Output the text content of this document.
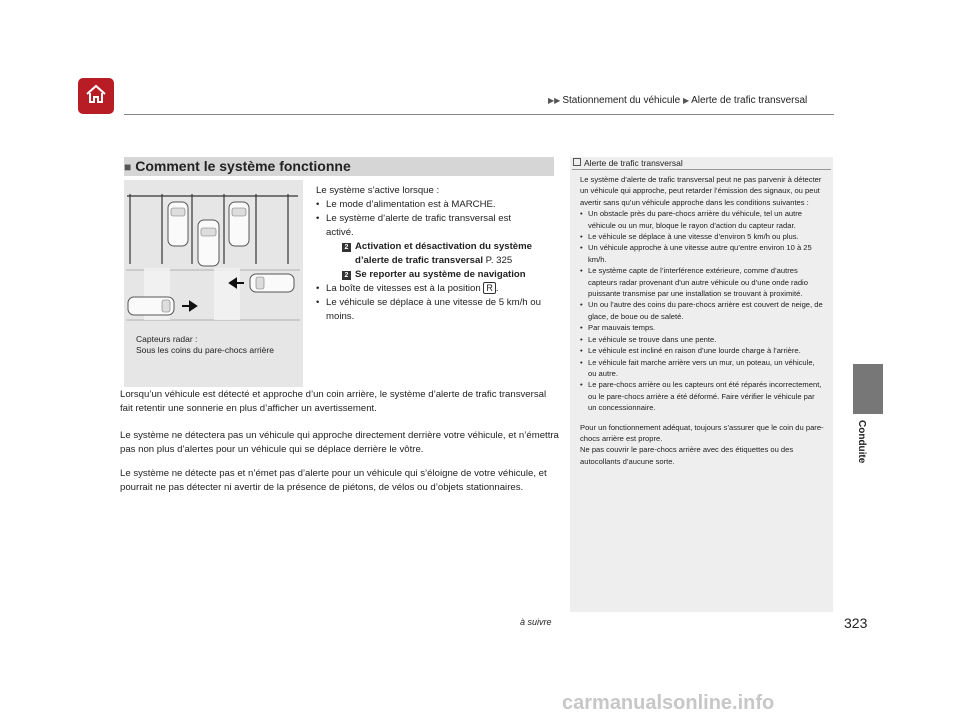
▶▶ Stationnement du véhicule ▶ Alerte de trafic transversal
Conduite
■ Comment le système fonctionne
Capteurs radar :
Sous les coins du pare-chocs arrière
Le système s’active lorsque :
• Le mode d’alimentation est à MARCHE.
• Le système d’alerte de trafic transversal est
activé.
2 Activation et désactivation du système
d’alerte de trafic transversal P. 325
2 Se reporter au système de navigation
• La boîte de vitesses est à la position R .
• Le véhicule se déplace à une vitesse de 5 km/h ou
moins.
Lorsqu’un véhicule est détecté et approche d’un coin arrière, le système d’alerte de trafic transversal fait retentir une sonnerie en plus d’afficher un avertissement.
Le système ne détectera pas un véhicule qui approche directement derrière votre véhicule, et n’émettra pas non plus d’alertes pour un véhicule qui se déplace derrière le vôtre.
Le système ne détecte pas et n’émet pas d’alerte pour un véhicule qui s’éloigne de votre véhicule, et pourrait ne pas détecter ni avertir de la présence de piétons, de vélos ou d’objets stationnaires.
Alerte de trafic transversal
Le système d’alerte de trafic transversal peut ne pas parvenir à détecter un véhicule qui approche, peut retarder l’émission des signaux, ou peut avertir sans qu’un véhicule approche dans les conditions suivantes :
• Un obstacle près du pare-chocs arrière du véhicule, tel un autre véhicule ou un mur, bloque le rayon d’action du capteur radar.
• Le véhicule se déplace à une vitesse d’environ 5 km/h ou plus.
• Un véhicule approche à une vitesse autre qu’entre environ 10 à 25 km/h.
• Le système capte de l’interférence extérieure, comme d’autres capteurs radar provenant d’un autre véhicule ou d’une onde radio puissante transmise par une installation se trouvant à proximité.
• Un ou l’autre des coins du pare-chocs arrière est couvert de neige, de glace, de boue ou de saleté.
• Par mauvais temps.
• Le véhicule se trouve dans une pente.
• Le véhicule est incliné en raison d’une lourde charge à l’arrière.
• Le véhicule fait marche arrière vers un mur, un poteau, un véhicule, ou autre.
• Le pare-chocs arrière ou les capteurs ont été réparés incorrectement, ou le pare-chocs arrière a été déformé. Faire vérifier le véhicule par un concessionnaire.
Pour un fonctionnement adéquat, toujours s’assurer que le coin du pare-chocs arrière est propre.
Ne pas couvrir le pare-chocs arrière avec des étiquettes ou des autocollants d’aucune sorte.
à suivre	323
carmanualsonline.info
